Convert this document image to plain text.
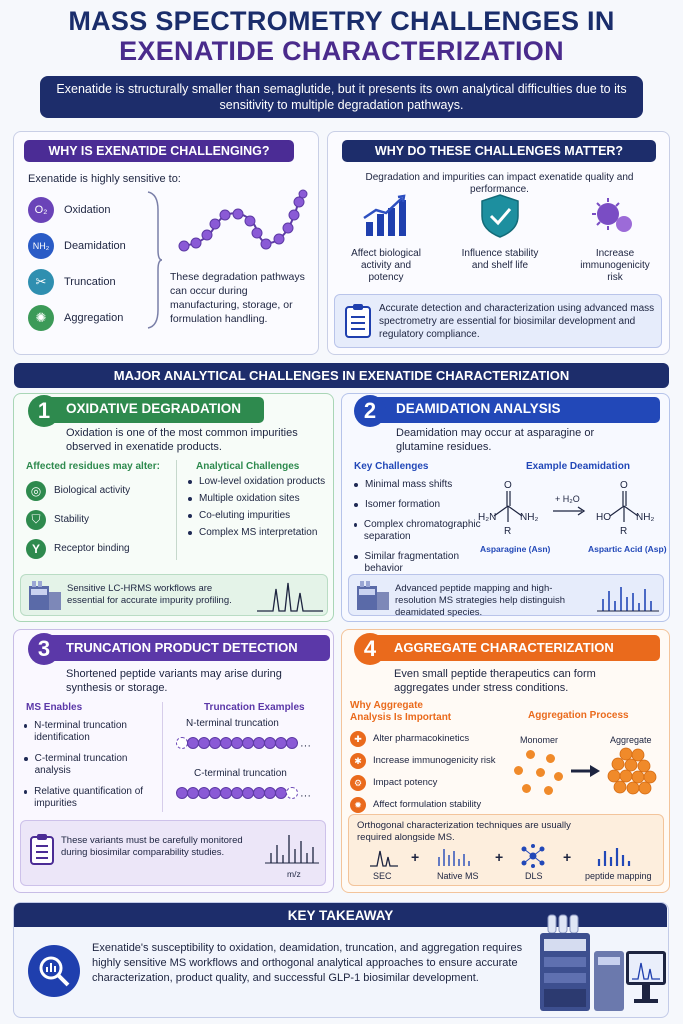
MASS SPECTROMETRY CHALLENGES IN
EXENATIDE CHARACTERIZATION
Exenatide is structurally smaller than semaglutide, but it presents its own analytical difficulties due to its sensitivity to multiple degradation pathways.
WHY IS EXENATIDE CHALLENGING?
Exenatide is highly sensitive to:
O₂	Oxidation
NH₂	Deamidation
✂	Truncation
✺	Aggregation
These degradation pathways can occur during manufacturing, storage, or formulation handling.
WHY DO THESE CHALLENGES MATTER?
Degradation and impurities can impact exenatide quality and performance.
Affect biological activity and potency
Influence stability and shelf life
Increase immunogenicity risk
Accurate detection and characterization using advanced mass spectrometry are essential for biosimilar development and regulatory compliance.
MAJOR ANALYTICAL CHALLENGES IN EXENATIDE CHARACTERIZATION
1	OXIDATIVE DEGRADATION
Oxidation is one of the most common impurities observed in exenatide products.
Affected residues may alter:
◎	Biological activity
⛉	Stability
Y	Receptor binding
Analytical Challenges
Low-level oxidation products
Multiple oxidation sites
Co-eluting impurities
Complex MS interpretation
Sensitive LC-HRMS workflows are essential for accurate impurity profiling.
2	DEAMIDATION ANALYSIS
Deamidation may occur at asparagine or glutamine residues.
Key Challenges
Minimal mass shifts
Isomer formation
Complex chromatographic separation
Similar fragmentation behavior
Example Deamidation
O
H₂N NH₂
R
+ H₂O
O
HO	NH₂
R
Asparagine (Asn)	Aspartic Acid (Asp)
Advanced peptide mapping and high-resolution MS strategies help distinguish deamidated species.
3	TRUNCATION PRODUCT DETECTION
Shortened peptide variants may arise during synthesis or storage.
MS Enables
N-terminal truncation identification
C-terminal truncation analysis
Relative quantification of impurities
Truncation Examples
N-terminal truncation
···
C-terminal truncation
···
These variants must be carefully monitored during biosimilar comparability studies.
m/z
4	AGGREGATE CHARACTERIZATION
Even small peptide therapeutics can form aggregates under stress conditions.
Why Aggregate Analysis Is Important
✚	Alter pharmacokinetics
✱	Increase immunogenicity risk
⚙	Impact potency
✹	Affect formulation stability
Aggregation Process
Monomer	Aggregate
Orthogonal characterization techniques are usually required alongside MS.
SEC
+
Native MS
+
DLS
+
peptide mapping
KEY TAKEAWAY
Exenatide's susceptibility to oxidation, deamidation, truncation, and aggregation requires highly sensitive MS workflows and orthogonal analytical approaches to ensure accurate characterization, product quality, and successful GLP-1 biosimilar development.
